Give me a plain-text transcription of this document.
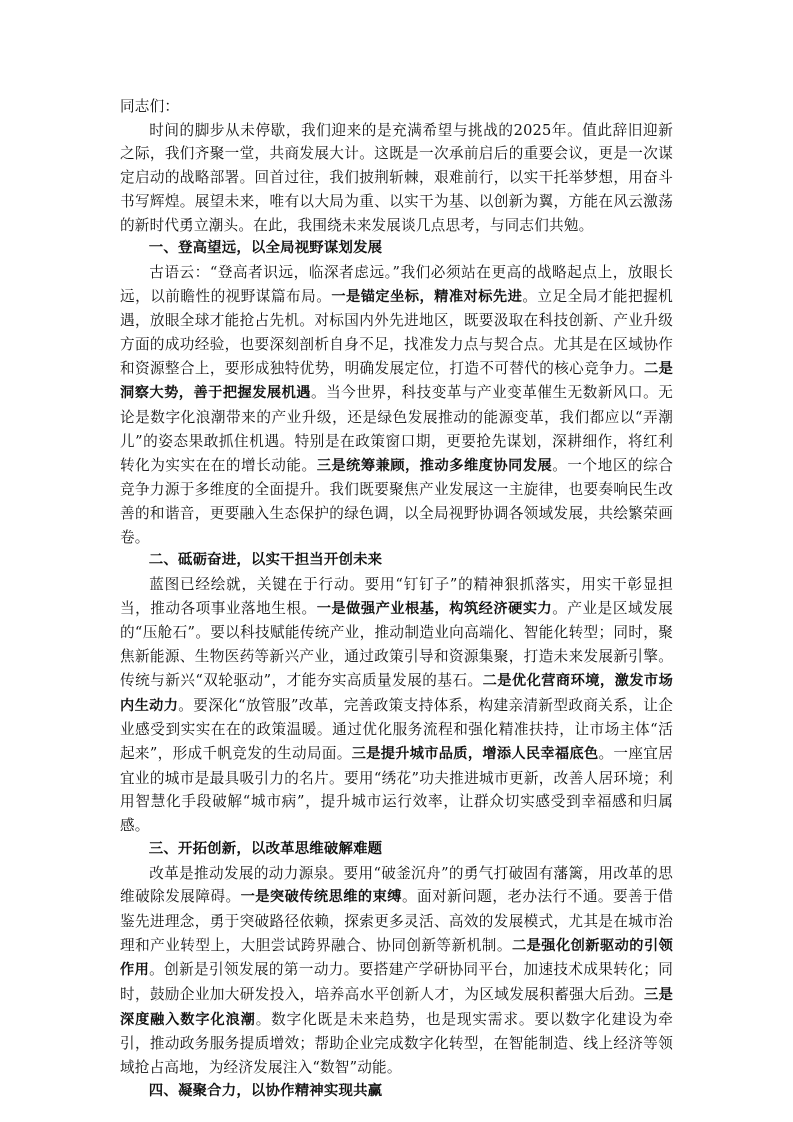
同志们：

时间的脚步从未停歇，我们迎来的是充满希望与挑战的2025年。值此辞旧迎新之际，我们齐聚一堂，共商发展大计。这既是一次承前启后的重要会议，更是一次谋定启动的战略部署。回首过往，我们披荆斩棘，艰难前行，以实干托举梦想，用奋斗书写辉煌。展望未来，唯有以大局为重、以实干为基、以创新为翼，方能在风云激荡的新时代勇立潮头。在此，我围绕未来发展谈几点思考，与同志们共勉。

一、登高望远，以全局视野谋划发展

古语云：“登高者识远，临深者虑远。”我们必须站在更高的战略起点上，放眼长远，以前瞻性的视野谋篇布局。一是锚定坐标，精准对标先进。立足全局才能把握机遇，放眼全球才能抢占先机。对标国内外先进地区，既要汲取在科技创新、产业升级方面的成功经验，也要深刻剖析自身不足，找准发力点与契合点。尤其是在区域协作和资源整合上，要形成独特优势，明确发展定位，打造不可替代的核心竞争力。二是洞察大势，善于把握发展机遇。当今世界，科技变革与产业变革催生无数新风口。无论是数字化浪潮带来的产业升级，还是绿色发展推动的能源变革，我们都应以“弄潮儿”的姿态果敢抓住机遇。特别是在政策窗口期，更要抢先谋划，深耕细作，将红利转化为实实在在的增长动能。三是统筹兼顾，推动多维度协同发展。一个地区的综合竞争力源于多维度的全面提升。我们既要聚焦产业发展这一主旋律，也要奏响民生改善的和谐音，更要融入生态保护的绿色调，以全局视野协调各领域发展，共绘繁荣画卷。

二、砥砺奋进，以实干担当开创未来

蓝图已经绘就，关键在于行动。要用“钉钉子”的精神狠抓落实，用实干彰显担当，推动各项事业落地生根。一是做强产业根基，构筑经济硬实力。产业是区域发展的“压舱石”。要以科技赋能传统产业，推动制造业向高端化、智能化转型；同时，聚焦新能源、生物医药等新兴产业，通过政策引导和资源集聚，打造未来发展新引擎。传统与新兴“双轮驱动”，才能夯实高质量发展的基石。二是优化营商环境，激发市场内生动力。要深化“放管服”改革，完善政策支持体系，构建亲清新型政商关系，让企业感受到实实在在的政策温暖。通过优化服务流程和强化精准扶持，让市场主体“活起来”，形成千帆竞发的生动局面。三是提升城市品质，增添人民幸福底色。一座宜居宜业的城市是最具吸引力的名片。要用“绣花”功夫推进城市更新，改善人居环境；利用智慧化手段破解“城市病”，提升城市运行效率，让群众切实感受到幸福感和归属感。

三、开拓创新，以改革思维破解难题

改革是推动发展的动力源泉。要用“破釜沉舟”的勇气打破固有藩篱，用改革的思维破除发展障碍。一是突破传统思维的束缚。面对新问题，老办法行不通。要善于借鉴先进理念，勇于突破路径依赖，探索更多灵活、高效的发展模式，尤其是在城市治理和产业转型上，大胆尝试跨界融合、协同创新等新机制。二是强化创新驱动的引领作用。创新是引领发展的第一动力。要搭建产学研协同平台，加速技术成果转化；同时，鼓励企业加大研发投入，培养高水平创新人才，为区域发展积蓄强大后劲。三是深度融入数字化浪潮。数字化既是未来趋势，也是现实需求。要以数字化建设为牵引，推动政务服务提质增效；帮助企业完成数字化转型，在智能制造、线上经济等领域抢占高地，为经济发展注入“数智”动能。

四、凝聚合力，以协作精神实现共赢
